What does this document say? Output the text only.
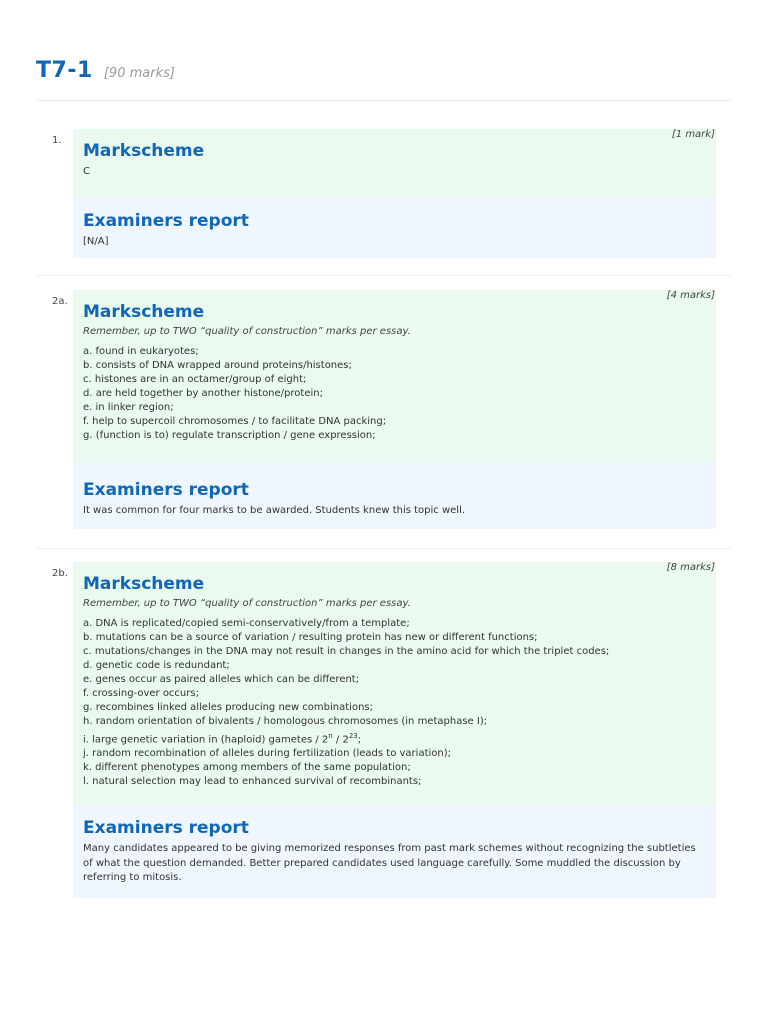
T7-1 [90 marks]
1.
[1 mark]
Markscheme
C
Examiners report
[N/A]
2a.
[4 marks]
Markscheme
Remember, up to TWO “quality of construction” marks per essay.
a. found in eukaryotes;
b. consists of DNA wrapped around proteins/histones;
c. histones are in an octamer/group of eight;
d. are held together by another histone/protein;
e. in linker region;
f. help to supercoil chromosomes / to facilitate DNA packing;
g. (function is to) regulate transcription / gene expression;
Examiners report
It was common for four marks to be awarded. Students knew this topic well.
2b.
[8 marks]
Markscheme
Remember, up to TWO “quality of construction” marks per essay.
a. DNA is replicated/copied semi-conservatively/from a template;
b. mutations can be a source of variation / resulting protein has new or different functions;
c. mutations/changes in the DNA may not result in changes in the amino acid for which the triplet codes;
d. genetic code is redundant;
e. genes occur as paired alleles which can be different;
f. crossing-over occurs;
g. recombines linked alleles producing new combinations;
h. random orientation of bivalents / homologous chromosomes (in metaphase I);
i. large genetic variation in (haploid) gametes / $2^n / 2^{23}$;
j. random recombination of alleles during fertilization (leads to variation);
k. different phenotypes among members of the same population;
l. natural selection may lead to enhanced survival of recombinants;
Examiners report
Many candidates appeared to be giving memorized responses from past mark schemes without recognizing the subtleties of what the question demanded. Better prepared candidates used language carefully. Some muddled the discussion by referring to mitosis.
